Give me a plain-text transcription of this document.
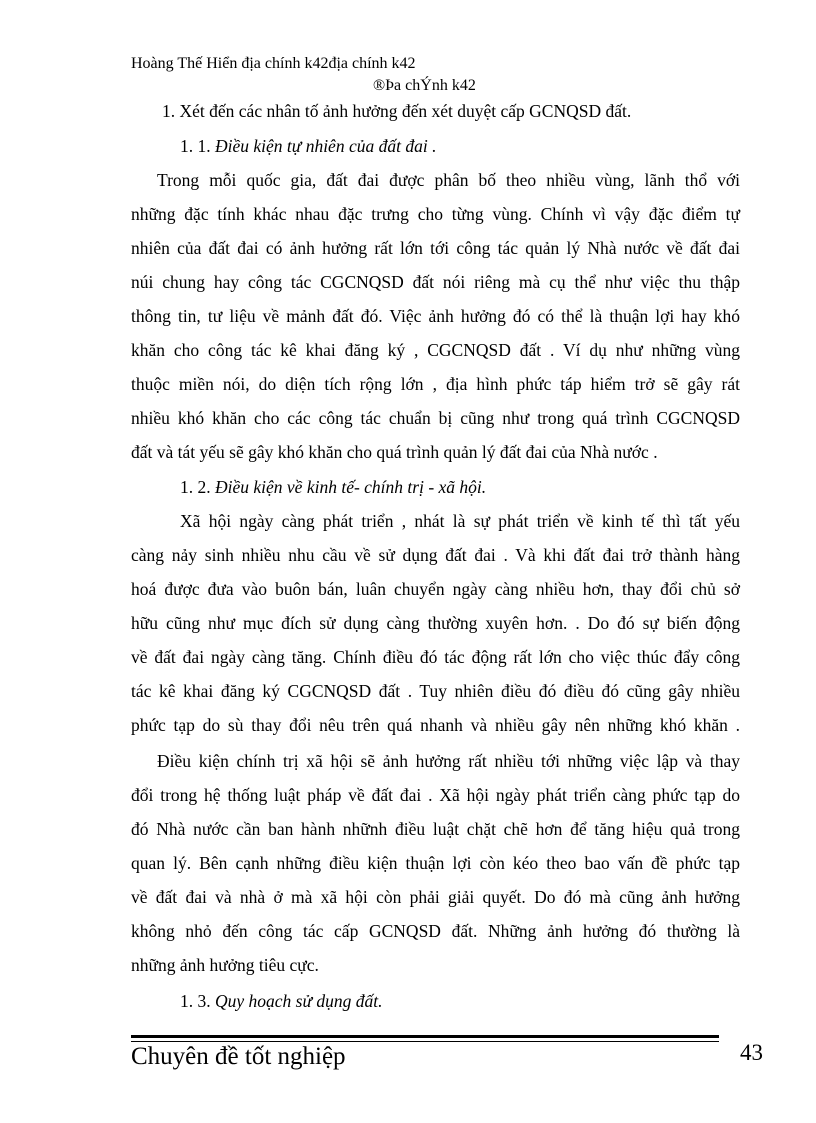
Hoàng Thế Hiển địa chính k42địa chính k42
®Þa chÝnh k42
1. Xét đến các nhân tố ảnh hưởng đến xét duyệt cấp GCNQSD đất.
1. 1. Điều kiện tự nhiên của đất đai .
Trong mỗi quốc gia, đất đai được phân bố theo nhiều vùng, lãnh thổ với
những đặc tính khác nhau đặc trưng cho từng vùng. Chính vì vậy đặc điểm tự
nhiên của đất đai có ảnh hưởng rất lớn tới công tác quản lý Nhà nước về đất đai
núi chung hay công tác CGCNQSD đất nói riêng mà cụ thể như việc thu thập
thông tin, tư liệu về mảnh đất đó. Việc ảnh hưởng đó có thể là thuận lợi hay khó
khăn cho công tác kê khai đăng ký , CGCNQSD đất . Ví dụ như những vùng
thuộc miền nói, do diện tích rộng lớn , địa hình phức táp hiểm trở sẽ gây rát
nhiều khó khăn cho các công tác chuẩn bị cũng như trong quá trình CGCNQSD
đất và tát yếu sẽ gây khó khăn cho quá trình quản lý đất đai của Nhà nước .
1. 2. Điều kiện về kinh tế- chính trị - xã hội.
Xã hội ngày càng phát triển , nhát là sự phát triển về kinh tế thì tất yếu
càng nảy sinh nhiều nhu cầu về sử dụng đất đai . Và khi đất đai trở thành hàng
hoá được đưa vào buôn bán, luân chuyển ngày càng nhiều hơn, thay đổi chủ sở
hữu cũng như mục đích sử dụng càng thường xuyên hơn. . Do đó sự biến động
về đất đai ngày càng tăng. Chính điều đó tác động rất lớn cho việc thúc đẩy công
tác kê khai đăng ký CGCNQSD đất . Tuy nhiên điều đó điều đó cũng gây nhiều
phức tạp do sù thay đổi nêu trên quá nhanh và nhiều gây nên những khó khăn .
Điều kiện chính trị xã hội sẽ ảnh hưởng rất nhiều tới những việc lập và thay
đổi trong hệ thống luật pháp về đất đai . Xã hội ngày phát triển càng phức tạp do
đó Nhà nước cần ban hành nhữnh điều luật chặt chẽ hơn để tăng hiệu quả trong
quan lý. Bên cạnh những điều kiện thuận lợi còn kéo theo bao vấn đề phức tạp
về đất đai và nhà ở mà xã hội còn phải giải quyết. Do đó mà cũng ảnh hưởng
không nhỏ đến công tác cấp GCNQSD đất. Những ảnh hưởng đó thường là
những ảnh hưởng tiêu cực.
1. 3. Quy hoạch sử dụng đất.
Chuyên đề tốt nghiệp	43
